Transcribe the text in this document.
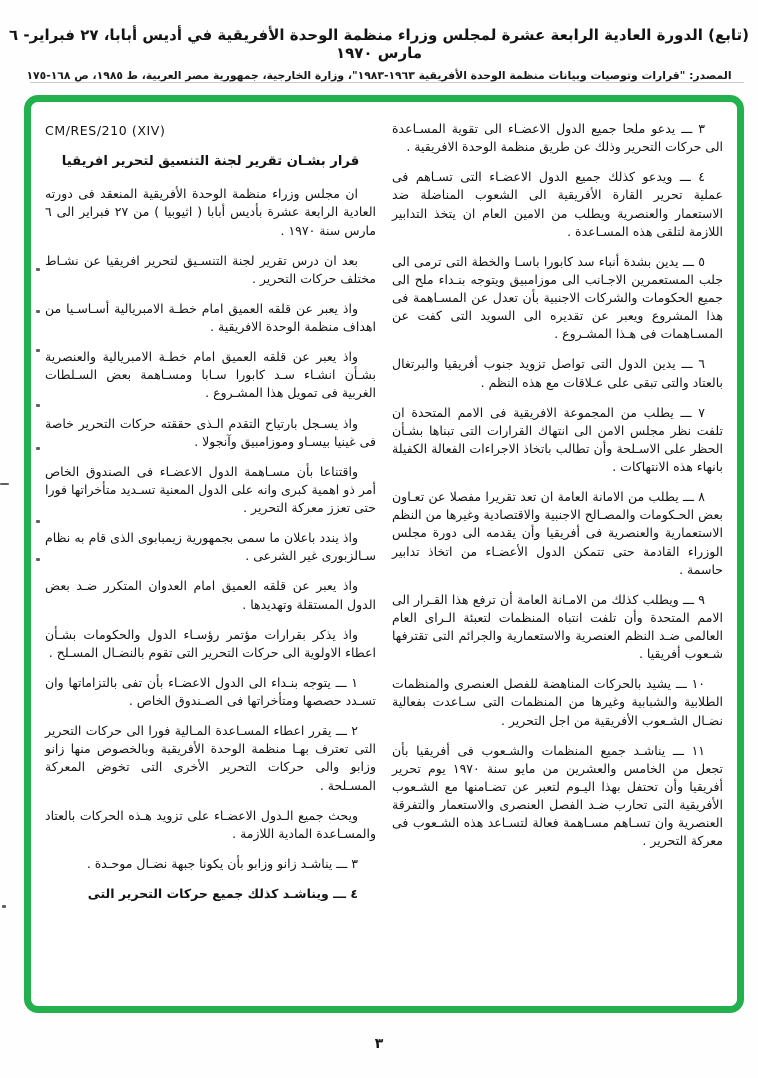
(تابع) الدورة العادية الرابعة عشرة لمجلس وزراء منظمة الوحدة الأفريقية في أديس أبابا، ٢٧ فبراير- ٦ مارس ١٩٧٠
المصدر: "قرارات وتوصيات وبيانات منظمة الوحدة الأفريقية ١٩٦٣-١٩٨٣"، وزارة الخارجية، جمهورية مصر العربية، ط ١٩٨٥، ص ١٦٨-١٧٥

٣ ـــ يدعو ملحا جميع الدول الاعضـاء الى تقوية المسـاعدة الى حركات التحرير وذلك عن طريق منظمة الوحدة الافريقية .

٤ ـــ ويدعو كذلك جميع الدول الاعضـاء التى تسـاهم فى عملية تحرير القارة الأفريقية الى الشعوب المناضلة ضد الاستعمار والعنصرية ويطلب من الامين العام ان يتخذ التدابير اللازمة لتلقى هذه المسـاعدة .

٥ ـــ يدين بشدة أنباء سد كابورا باسـا والخطة التى ترمى الى جلب المستعمرين الاجـانب الى موزامبيق ويتوجه بنـداء ملح الى جميع الحكومات والشركات الاجنبية بأن تعدل عن المسـاهمة فى هذا المشروع ويعبر عن تقديره الى السويد التى كفت عن المسـاهمات فى هـذا المشـروع .

٦ ـــ يدين الدول التى تواصل تزويد جنوب أفريقيا والبرتغال بالعتاد والتى تبقى على عـلاقات مع هذه النظم .

٧ ـــ يطلب من المجموعة الافريقية فى الامم المتحدة ان تلفت نظر مجلس الامن الى انتهاك القرارات التى تبناها بشـأن الحظر على الاسـلحة وأن تطالب باتخاذ الاجراءات الفعالة الكفيلة بانهاء هذه الانتهاكات .

٨ ـــ يطلب من الامانة العامة ان تعد تقريرا مفصلا عن تعـاون بعض الحـكومات والمصـالح الاجنبية والاقتصادية وغيرها من النظم الاستعمارية والعنصرية فى أفريقيا وأن يقدمه الى دورة مجلس الوزراء القادمة حتى تتمكن الدول الأعضـاء من اتخاذ تدابير حاسمة .

٩ ـــ ويطلب كذلك من الامـانة العامة أن ترفع هذا القـرار الى الامم المتحدة وأن تلفت انتباه المنظمات لتعبئة الـراى العام العالمى ضـد النظم العنصرية والاستعمارية والجرائم التى تقترفها شـعوب أفريقيا .

١٠ ـــ يشيد بالحركات المناهضة للفصل العنصرى والمنظمات الطلابية والشبابية وغيرها من المنظمات التى سـاعدت بفعالية نضـال الشـعوب الأفريقية من اجل التحرير .

١١ ـــ يناشـد جميع المنظمات والشـعوب فى أفريقيا بأن تجعل من الخامس والعشرين من مايو سنة ١٩٧٠ يوم تحرير أفريقيا وأن تحتفل بهذا اليـوم لتعبر عن تضـامنها مع الشـعوب الأفريقية التى تحارب ضـد الفصل العنصرى والاستعمار والتفرقة العنصرية وان تسـاهم مسـاهمة فعالة لتسـاعد هذه الشـعوب فى معركة التحرير .

CM/RES/210 (XIV)
قرار بشـان تقرير لجنة التنسيق لتحرير افريقيا

ان مجلس وزراء منظمة الوحدة الأفريقية المنعقد فى دورته العادية الرابعة عشرة بأديس أبابا ( اثيوبيا ) من ٢٧ فبراير الى ٦ مارس سنة ١٩٧٠ .

بعد ان درس تقرير لجنة التنسـيق لتحرير افريقيا عن نشـاط مختلف حركات التحرير .

واذ يعبر عن قلقه العميق امام خطـة الامبريالية أسـاسـيا من اهداف منظمة الوحدة الافريقية .

واذ يعبر عن قلقه العميق امام خطـة الامبريالية والعنصرية بشـأن انشـاء سـد كابورا سـابا ومسـاهمة بعض السـلطات الغربية فى تمويل هذا المشـروع .

واذ يسـجل بارتياح التقدم الـذى حققته حركات التحرير خاصة فى غينيا بيسـاو وموزامبيق وآنجولا .

واقتناعا بأن مسـاهمة الدول الاعضـاء فى الصندوق الخاص أمر ذو اهمية كبرى وانه على الدول المعنية تسـديد متأخراتها فورا حتى تعزز معركة التحرير .

واذ يندد باعلان ما سمى بجمهورية زيمبابوى الذى قام به نظام سـالزبورى غير الشرعى .

واذ يعبر عن قلقه العميق امام العدوان المتكرر ضـد بعض الدول المستقلة وتهديدها .

واذ يذكر بقرارات مؤتمر رؤسـاء الدول والحكومات بشـأن اعطاء الاولوية الى حركات التحرير التى تقوم بالنضـال المسـلح .

١ ـــ يتوجه بنـداء الى الدول الاعضـاء بأن تفى بالتزاماتها وان تسـدد حصصها ومتأخراتها فى الصـندوق الخاص .

٢ ـــ يقرر اعطاء المسـاعدة المـالية فورا الى حركات التحرير التى تعترف بهـا منظمة الوحدة الأفريقية وبالخصوص منها زانو وزابو والى حركات التحرير الأخرى التى تخوض المعركة المسـلحة .

ويحث جميع الـدول الاعضـاء على تزويد هـذه الحركات بالعتاد والمسـاعدة المادية اللازمة .

٣ ـــ يناشـد زانو وزابو بأن يكونا جبهة نضـال موحـدة .

٤ ـــ ويناشـد كذلك جميع حركات التحرير التى

٣
